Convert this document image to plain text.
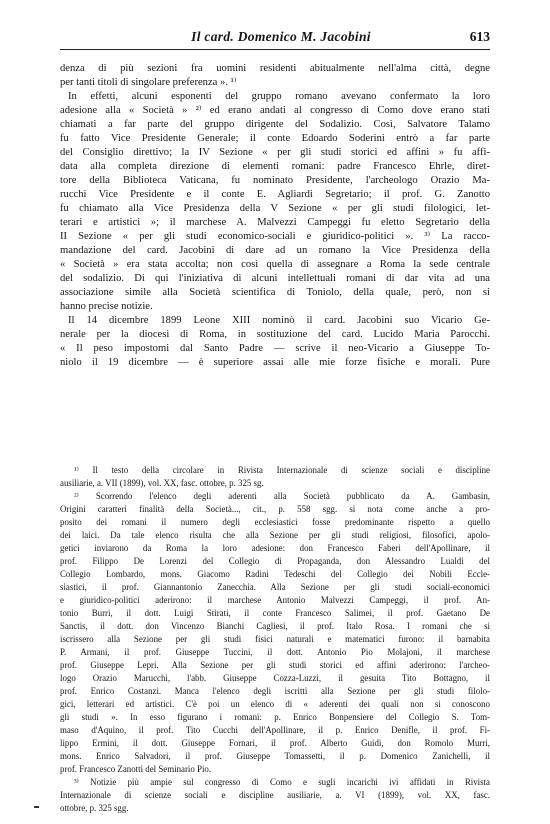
Il card. Domenico M. Jacobini	613
denza di più sezioni fra uomini residenti abitualmente nell'alma città, degne
per tanti titoli di singolare preferenza ». ¹⁾
In effetti, alcuni esponenti del gruppo romano avevano confermato la loro
adesione alla « Società » ²⁾ ed erano andati al congresso di Como dove erano stati
chiamati a far parte del gruppo dirigente del Sodalizio. Così, Salvatore Talamo
fu fatto Vice Presidente Generale; il conte Edoardo Soderini entrò a far parte
del Consiglio direttivo; la IV Sezione « per gli studi storici ed affini » fu affi-
data alla completa direzione di elementi romani: padre Francesco Ehrle, diret-
tore della Biblioteca Vaticana, fu nominato Presidente, l'archeologo Orazio Ma-
rucchi Vice Presidente e il conte E. Agliardi Segretario; il prof. G. Zanotto
fu chiamato alla Vice Presidenza della V Sezione « per gli studi filologici, let-
terari e artistici »; il marchese A. Malvezzi Campeggi fu eletto Segretario della
II Sezione « per gli studi economico-sociali e giuridico-politici ». ³⁾ La racco-
mandazione del card. Jacobini di dare ad un romano la Vice Presidenza della
« Società » era stata accolta; non così quella di assegnare a Roma la sede centrale
del sodalizio. Di qui l'iniziativa di alcuni intellettuali romani di dar vita ad una
associazione simile alla Società scientifica di Toniolo, della quale, però, non si
hanno precise notizie.
Il 14 dicembre 1899 Leone XIII nominò il card. Jacobini suo Vicario Ge-
nerale per la diocesi di Roma, in sostituzione del card. Lucido Maria Parocchi.
« Il peso impostomi dal Santo Padre — scrive il neo-Vicario a Giuseppe To-
niolo il 19 dicembre — è superiore assai alle mie forze fisiche e morali. Pure
¹⁾ Il testo della circolare in Rivista Internazionale di scienze sociali e discipline
ausiliarie, a. VII (1899), vol. XX, fasc. ottobre, p. 325 sg.
²⁾ Scorrendo l'elenco degli aderenti alla Società pubblicato da A. Gambasin,
Origini caratteri finalità della Società..., cit., p. 558 sgg. si nota come anche a pro-
posito dei romani il numero degli ecclesiastici fosse predominante rispetto a quello
dei laici. Da tale elenco risulta che alla Sezione per gli studi religiosi, filosofici, apolo-
getici inviarono da Roma la loro adesione: don Francesco Faberi dell'Apollinare, il
prof. Filippo De Lorenzi del Collegio di Propaganda, don Alessandro Lualdi del
Collegio Lombardo, mons. Giacomo Radini Tedeschi del Collegio dei Nobili Eccle-
siastici, il prof. Giannantonio Zanecchia. Alla Sezione per gli studi sociali-economici
e giuridico-politici aderirono: il marchese Antonio Malvezzi Campeggi, il prof. An-
tonio Burri, il dott. Luigi Stirati, il conte Francesco Salimei, il prof. Gaetano De
Sanctis, il dott. don Vincenzo Bianchi Cagliesi, il prof. Italo Rosa. I romani che si
iscrissero alla Sezione per gli studi fisici naturali e matematici furono: il barnabita
P. Armani, il prof. Giuseppe Tuccini, il dott. Antonio Pio Molajoni, il marchese
prof. Giuseppe Lepri. Alla Sezione per gli studi storici ed affini aderirono: l'archeo-
logo Orazio Marucchi, l'abb. Giuseppe Cozza-Luzzi, il gesuita Tito Bottagno, il
prof. Enrico Costanzi. Manca l'elenco degli iscritti alla Sezione per gli studi filolo-
gici, letterari ed artistici. C'è poi un elenco di « aderenti dei quali non si conoscono
gli studi ». In esso figurano i romani: p. Enrico Bonpensiere del Collegio S. Tom-
maso d'Aquino, il prof. Tito Cucchi dell'Apollinare, il p. Enrico Denifle, il prof. Fi-
lippo Ermini, il dott. Giuseppe Fornari, il prof. Alberto Guidi, don Romolo Murri,
mons. Enrico Salvadori, il prof. Giuseppe Tomassetti, il p. Domenico Zanichelli, il
prof. Francesco Zanotti del Seminario Pio.
³⁾ Notizie più ampie sul congresso di Como e sugli incarichi ivi affidati in Rivista
Internazionale di scienze sociali e discipline ausiliarie, a. VI (1899), vol. XX, fasc.
ottobre, p. 325 sgg.
